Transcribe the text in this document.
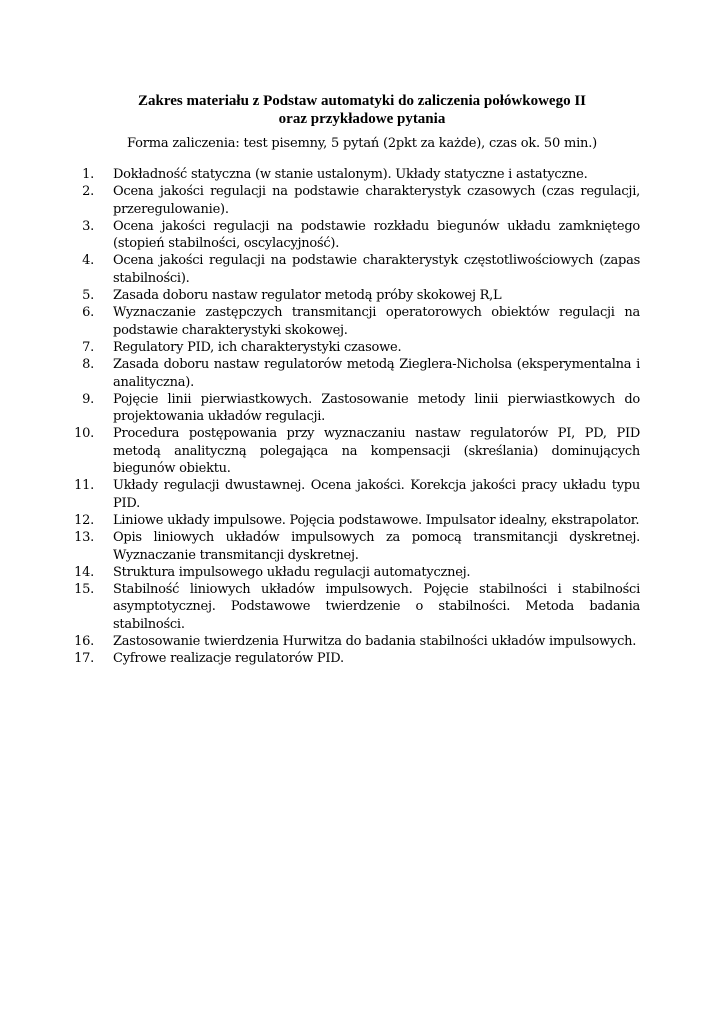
Zakres materiału z Podstaw automatyki do zaliczenia połówkowego II
oraz przykładowe pytania
Forma zaliczenia: test pisemny, 5 pytań (2pkt za każde), czas ok. 50 min.)
1. Dokładność statyczna (w stanie ustalonym). Układy statyczne i astatyczne.
2. Ocena jakości regulacji na podstawie charakterystyk czasowych (czas regulacji, przeregulowanie).
3. Ocena jakości regulacji na podstawie rozkładu biegunów układu zamkniętego (stopień stabilności, oscylacyjność).
4. Ocena jakości regulacji na podstawie charakterystyk częstotliwościowych (zapas stabilności).
5. Zasada doboru nastaw regulator metodą próby skokowej R,L
6. Wyznaczanie zastępczych transmitancji operatorowych obiektów regulacji na podstawie charakterystyki skokowej.
7. Regulatory PID, ich charakterystyki czasowe.
8. Zasada doboru nastaw regulatorów metodą Zieglera-Nicholsa (eksperymentalna i analityczna).
9. Pojęcie linii pierwiastkowych. Zastosowanie metody linii pierwiastkowych do projektowania układów regulacji.
10. Procedura postępowania przy wyznaczaniu nastaw regulatorów PI, PD, PID metodą analityczną polegająca na kompensacji (skreślania) dominujących biegunów obiektu.
11. Układy regulacji dwustawnej. Ocena jakości. Korekcja jakości pracy układu typu PID.
12. Liniowe układy impulsowe. Pojęcia podstawowe. Impulsator idealny, ekstrapolator.
13. Opis liniowych układów impulsowych za pomocą transmitancji dyskretnej. Wyznaczanie transmitancji dyskretnej.
14. Struktura impulsowego układu regulacji automatycznej.
15. Stabilność liniowych układów impulsowych. Pojęcie stabilności i stabilności asymptotycznej. Podstawowe twierdzenie o stabilności. Metoda badania stabilności.
16. Zastosowanie twierdzenia Hurwitza do badania stabilności układów impulsowych.
17. Cyfrowe realizacje regulatorów PID.
